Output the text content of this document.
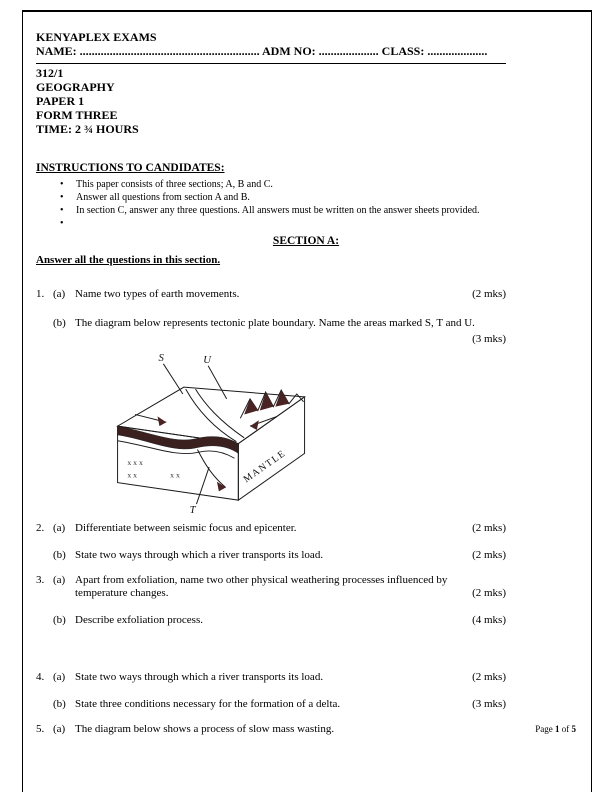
KENYAPLEX EXAMS
NAME: ............................................................ ADM NO: .................... CLASS: ....................
312/1
GEOGRAPHY
PAPER 1
FORM THREE
TIME: 2 ¾ HOURS
INSTRUCTIONS TO CANDIDATES:
•	This paper consists of three sections; A, B and C.
•	Answer all questions from section A and B.
•	In section C, answer any three questions. All answers must be written on the answer sheets provided.
•
SECTION A:
Answer all the questions in this section.
1. (a) Name two types of earth movements.	(2 mks)
(b) The diagram below represents tectonic plate boundary. Name the areas marked S, T and U.
(3 mks)
S	U
T
MANTLE
x x x
x x
x x
2. (a) Differentiate between seismic focus and epicenter.	(2 mks)
(b) State two ways through which a river transports its load.	(2 mks)
3. (a) Apart from exfoliation, name two other physical weathering processes influenced by
temperature changes.	(2 mks)
(b) Describe exfoliation process.	(4 mks)
4. (a) State two ways through which a river transports its load.	(2 mks)
(b) State three conditions necessary for the formation of a delta.	(3 mks)
5. (a) The diagram below shows a process of slow mass wasting.	Page 1 of 5
